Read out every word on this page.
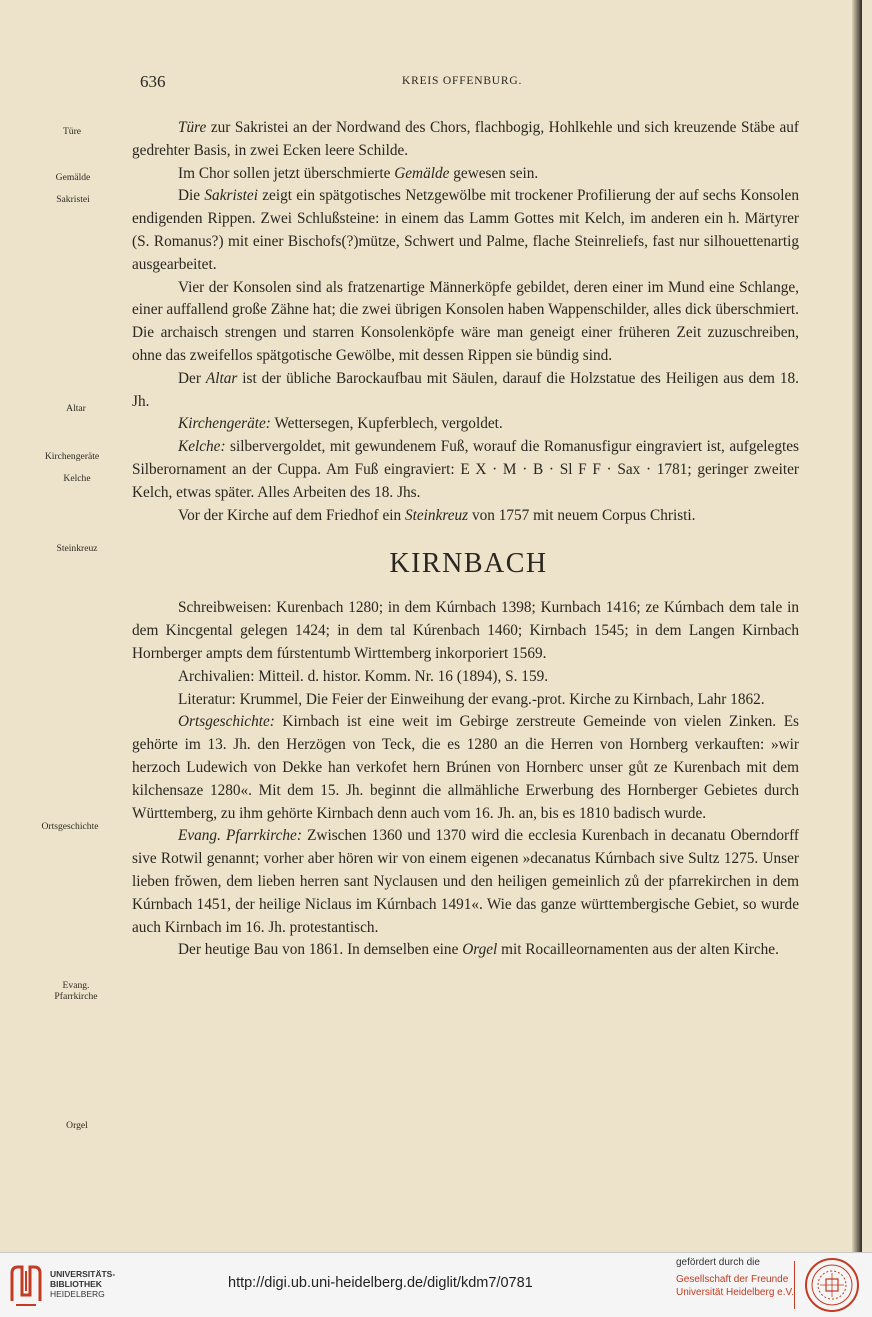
636	KREIS OFFENBURG.
Türe
Gemälde
Sakristei
Altar
Kirchengeräte
Kelche
Steinkreuz
Ortsgeschichte
Evang.
Pfarrkirche
Orgel

Türe zur Sakristei an der Nordwand des Chors, flachbogig, Hohlkehle und sich kreuzende Stäbe auf gedrehter Basis, in zwei Ecken leere Schilde.

Im Chor sollen jetzt überschmierte Gemälde gewesen sein.

Die Sakristei zeigt ein spätgotisches Netzgewölbe mit trockener Profilierung der auf sechs Konsolen endigenden Rippen. Zwei Schlußsteine: in einem das Lamm Gottes mit Kelch, im anderen ein h. Märtyrer (S. Romanus?) mit einer Bischofs(?)mütze, Schwert und Palme, flache Steinreliefs, fast nur silhouettenartig ausgearbeitet.

Vier der Konsolen sind als fratzenartige Männerköpfe gebildet, deren einer im Mund eine Schlange, einer auffallend große Zähne hat; die zwei übrigen Konsolen haben Wappenschilder, alles dick überschmiert. Die archaisch strengen und starren Konsolenköpfe wäre man geneigt einer früheren Zeit zuzuschreiben, ohne das zweifellos spätgotische Gewölbe, mit dessen Rippen sie bündig sind.

Der Altar ist der übliche Barockaufbau mit Säulen, darauf die Holzstatue des Heiligen aus dem 18. Jh.

Kirchengeräte: Wettersegen, Kupferblech, vergoldet.

Kelche: silbervergoldet, mit gewundenem Fuß, worauf die Romanusfigur eingraviert ist, aufgelegtes Silberornament an der Cuppa. Am Fuß eingraviert: E X · M · B · Sl F F · Sax · 1781; geringer zweiter Kelch, etwas später. Alles Arbeiten des 18. Jhs.

Vor der Kirche auf dem Friedhof ein Steinkreuz von 1757 mit neuem Corpus Christi.

KIRNBACH

Schreibweisen: Kurenbach 1280; in dem Kúrnbach 1398; Kurnbach 1416; ze Kúrnbach dem tale in dem Kincgental gelegen 1424; in dem tal Kúrenbach 1460; Kirnbach 1545; in dem Langen Kirnbach Hornberger ampts dem fúrstentumb Wirttemberg inkorporiert 1569.

Archivalien: Mitteil. d. histor. Komm. Nr. 16 (1894), S. 159.

Literatur: Krummel, Die Feier der Einweihung der evang.-prot. Kirche zu Kirnbach, Lahr 1862.

Ortsgeschichte: Kirnbach ist eine weit im Gebirge zerstreute Gemeinde von vielen Zinken. Es gehörte im 13. Jh. den Herzögen von Teck, die es 1280 an die Herren von Hornberg verkauften: »wir herzoch Ludewich von Dekke han verkofet hern Brúnen von Hornberc unser gůt ze Kurenbach mit dem kilchensaze 1280«. Mit dem 15. Jh. beginnt die allmähliche Erwerbung des Hornberger Gebietes durch Württemberg, zu ihm gehörte Kirnbach denn auch vom 16. Jh. an, bis es 1810 badisch wurde.

Evang. Pfarrkirche: Zwischen 1360 und 1370 wird die ecclesia Kurenbach in decanatu Oberndorff sive Rotwil genannt; vorher aber hören wir von einem eigenen »decanatus Kúrnbach sive Sultz 1275. Unser lieben frŏwen, dem lieben herren sant Nyclausen und den heiligen gemeinlich zů der pfarrekirchen in dem Kúrnbach 1451, der heilige Niclaus im Kúrnbach 1491«. Wie das ganze württembergische Gebiet, so wurde auch Kirnbach im 16. Jh. protestantisch.

Der heutige Bau von 1861. In demselben eine Orgel mit Rocailleornamenten aus der alten Kirche.

UNIVERSITÄTS-
BIBLIOTHEK
HEIDELBERG
http://digi.ub.uni-heidelberg.de/diglit/kdm7/0781
gefördert durch die
Gesellschaft der Freunde
Universität Heidelberg e.V.
